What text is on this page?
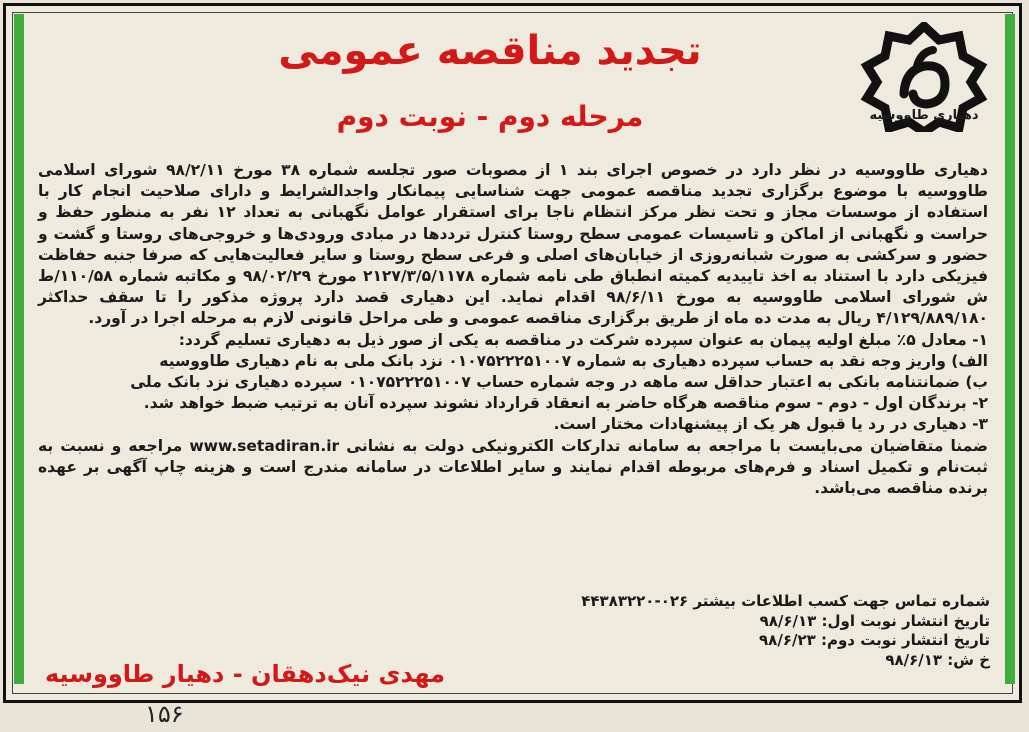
دهیاری طاووسیه
تجدید مناقصه عمومی
مرحله دوم - نوبت دوم

دهیاری طاووسیه در نظر دارد در خصوص اجرای بند ۱ از مصوبات صور تجلسه شماره ۳۸ مورخ ۹۸/۲/۱۱ شورای اسلامی طاووسیه با موضوع برگزاری تجدید مناقصه عمومی جهت شناسایی پیمانکار واجدالشرایط و دارای صلاحیت انجام کار با استفاده از موسسات مجاز و تحت نظر مرکز انتظام ناجا برای استقرار عوامل نگهبانی به تعداد ۱۲ نفر به منظور حفظ و حراست و نگهبانی از اماکن و تاسیسات عمومی سطح روستا کنترل ترددها در مبادی ورودی‌ها و خروجی‌های روستا و گشت و حضور و سرکشی به صورت شبانه‌روزی از خیابان‌های اصلی و فرعی سطح روستا و سایر فعالیت‌هایی که صرفا جنبه حفاظت فیزیکی دارد با استناد به اخذ تاییدیه کمیته انطباق طی نامه شماره ۲۱۲۷/۳/۵/۱۱۷۸ مورخ ۹۸/۰۲/۲۹ و مکاتبه شماره ۱۱۰/۵۸/ط ش شورای اسلامی طاووسیه به مورخ ۹۸/۶/۱۱ اقدام نماید. این دهیاری قصد دارد پروژه مذکور را تا سقف حداکثر ۴/۱۲۹/۸۸۹/۱۸۰ ریال به مدت ده ماه از طریق برگزاری مناقصه عمومی و طی مراحل قانونی لازم به مرحله اجرا در آورد.

۱- معادل ۵٪ مبلغ اولیه پیمان به عنوان سپرده شرکت در مناقصه به یکی از صور ذیل به دهیاری تسلیم گردد:
الف) واریز وجه نقد به حساب سپرده دهیاری به شماره ۰۱۰۷۵۲۲۲۵۱۰۰۷ نزد بانک ملی به نام دهیاری طاووسیه
ب) ضمانتنامه بانکی به اعتبار حداقل سه ماهه در وجه شماره حساب ۰۱۰۷۵۲۲۲۵۱۰۰۷ سپرده دهیاری نزد بانک ملی
۲- برندگان اول - دوم - سوم مناقصه هرگاه حاضر به انعقاد قرارداد نشوند سپرده آنان به ترتیب ضبط خواهد شد.
۳- دهیاری در رد یا قبول هر یک از پیشنهادات مختار است.

ضمنا متقاضیان می‌بایست با مراجعه به سامانه تدارکات الکترونیکی دولت به نشانی www.setadiran.ir مراجعه و نسبت به ثبت‌نام و تکمیل اسناد و فرم‌های مربوطه اقدام نمایند و سایر اطلاعات در سامانه مندرج است و هزینه چاپ آگهی بر عهده برنده مناقصه می‌باشد.

شماره تماس جهت کسب اطلاعات بیشتر ۰۲۶-۴۴۳۸۳۲۲۰
تاریخ انتشار نوبت اول: ۹۸/۶/۱۳
تاریخ انتشار نوبت دوم: ۹۸/۶/۲۳
خ ش: ۹۸/۶/۱۳
مهدی نیک‌دهقان - دهیار طاووسیه
۱۵۶
